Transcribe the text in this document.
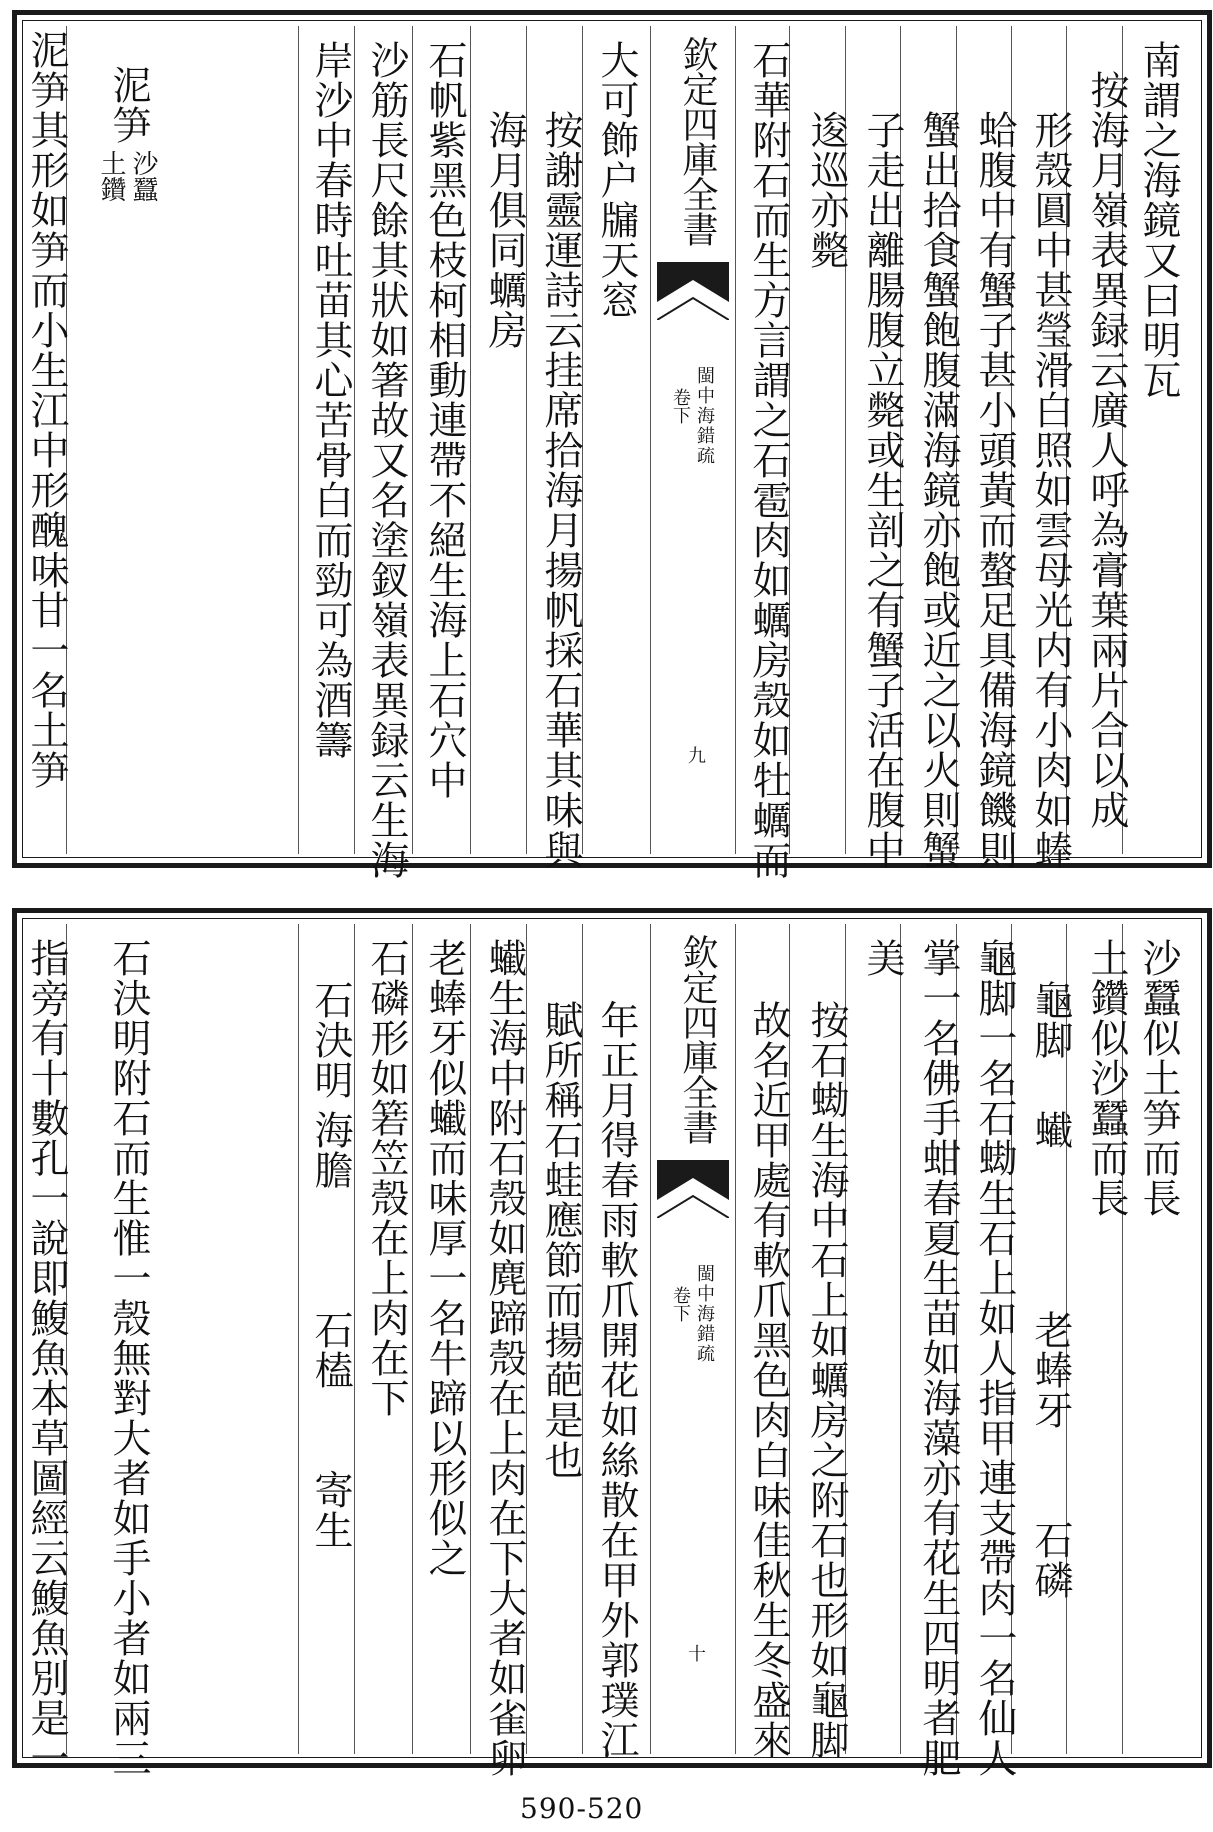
南謂之海鏡又曰明瓦
按海月嶺表異録云廣人呼為膏葉兩片合以成
形殼圓中甚瑩滑白照如雲母光内有小肉如蜯
蛤腹中有蟹子甚小頭黃而螯足具備海鏡饑則
蟹出拾食蟹飽腹滿海鏡亦飽或近之以火則蟹
子走出離腸腹立斃或生剖之有蟹子活在腹中
逡巡亦斃
石華附石而生方言謂之石雹肉如蠣房殼如牡蠣而
欽定四庫全書
閩中海錯疏
卷下
九
大可飾户牖天窓
按謝靈運詩云挂席拾海月揚帆採石華其味與
海月俱同蠣房
石帆紫黑色枝柯相動連帶不絕生海上石穴中
沙筋長尺餘其狀如箸故又名塗釵嶺表異録云生海
岸沙中春時吐苗其心苦骨白而勁可為酒籌
泥笋
沙蠶
土鑽
泥笋其形如笋而小生江中形醜味甘一名土笋
沙蠶似土笋而長
土鑽似沙蠶而長
龜脚
蠘
老蜯牙
石磷
龜脚一名石蜐生石上如人指甲連支帶肉一名仙人
掌一名佛手蚶春夏生苗如海藻亦有花生四明者肥
美
按石蜐生海中石上如蠣房之附石也形如龜脚
故名近甲處有軟爪黑色肉白味佳秋生冬盛來
欽定四庫全書
閩中海錯疏
卷下
十
年正月得春雨軟爪開花如絲散在甲外郭璞江
賦所稱石蛙應節而揚葩是也
蠘生海中附石殼如麂蹄殼在上肉在下大者如雀卵
老蜯牙似蠘而味厚一名牛蹄以形似之
石磷形如箬笠殼在上肉在下
石決明
海膽
石榼
寄生
石決明附石而生惟一殼無對大者如手小者如兩三
指旁有十數孔一說即鰒魚本草圖經云鰒魚別是一
590-520
